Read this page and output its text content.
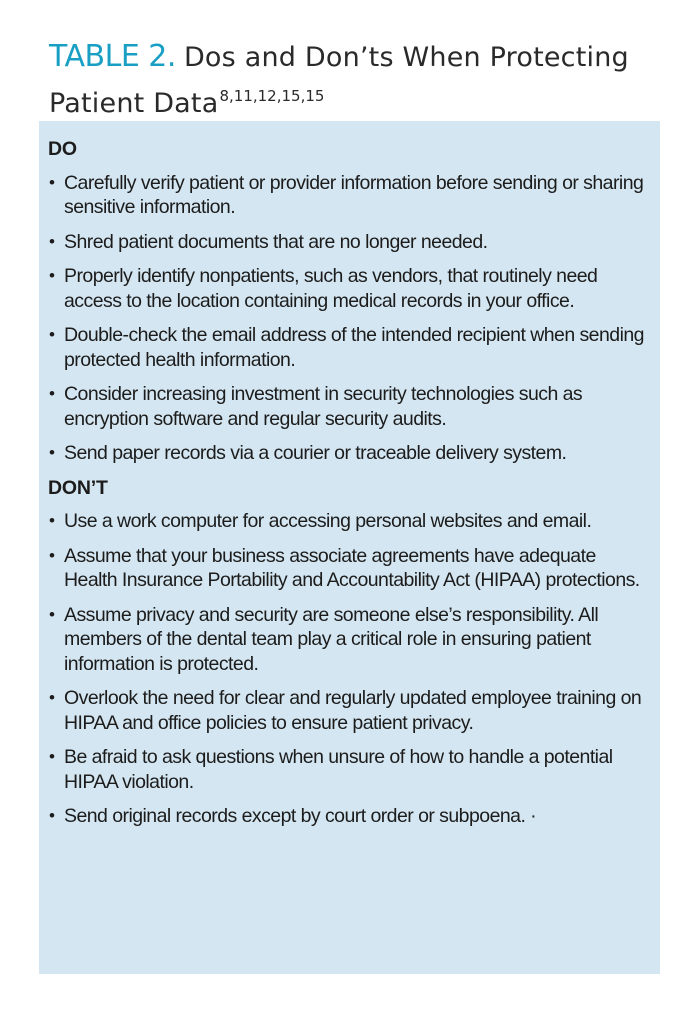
TABLE 2. Dos and Don’ts When Protecting
Patient Data$^{8,11,12,15,15}$
DO
• Carefully verify patient or provider information before sending or sharing sensitive information.
• Shred patient documents that are no longer needed.
• Properly identify nonpatients, such as vendors, that routinely need access to the location containing medical records in your office.
• Double-check the email address of the intended recipient when sending protected health information.
• Consider increasing investment in security technologies such as encryption software and regular security audits.
• Send paper records via a courier or traceable delivery system.
DON’T
• Use a work computer for accessing personal websites and email.
• Assume that your business associate agreements have adequate Health Insurance Portability and Accountability Act (HIPAA) protections.
• Assume privacy and security are someone else’s responsibility. All members of the dental team play a critical role in ensuring patient information is protected.
• Overlook the need for clear and regularly updated employee training on HIPAA and office policies to ensure patient privacy.
• Be afraid to ask questions when unsure of how to handle a potential HIPAA violation.
• Send original records except by court order or subpoena. ·
